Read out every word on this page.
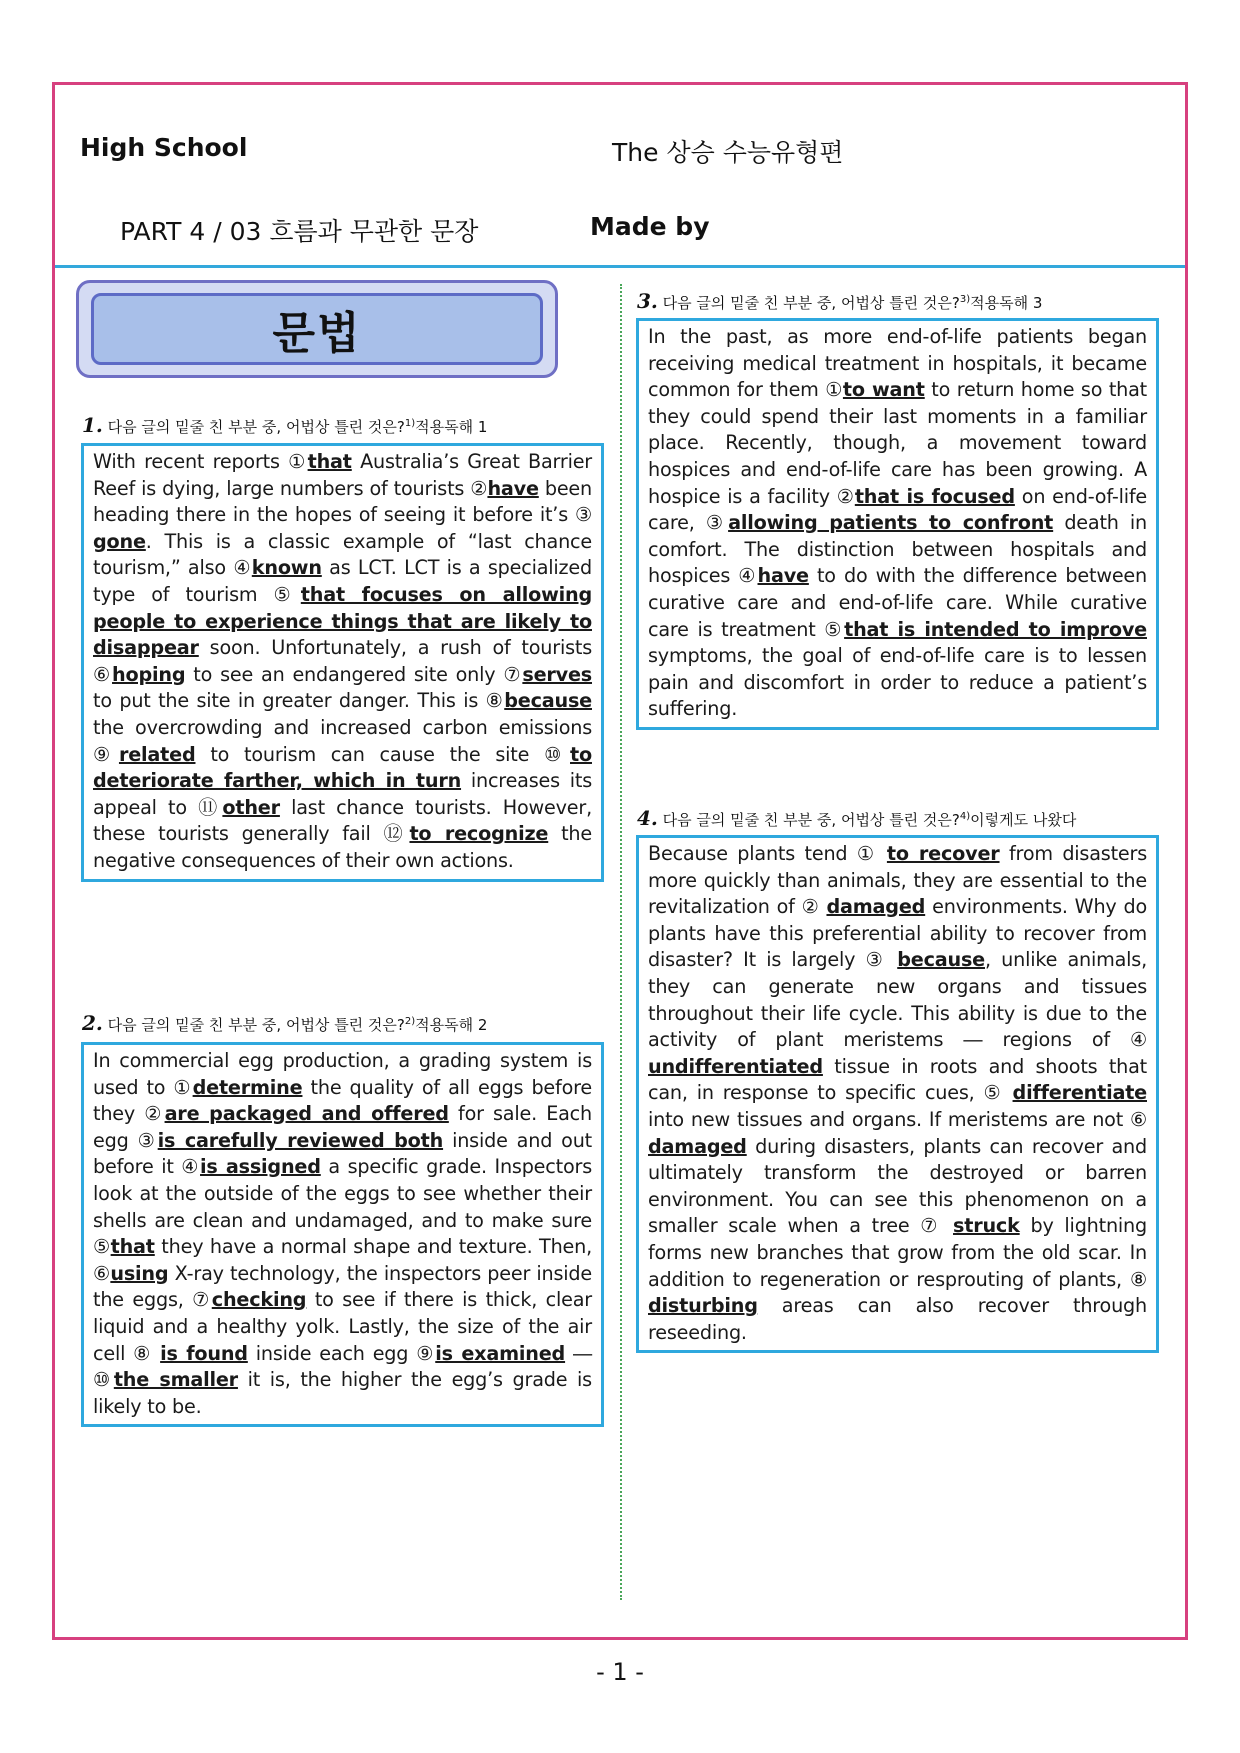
High School	The 상승 수능유형편
PART 4 / 03 흐름과 무관한 문장	Made by
문법
1. 다음 글의 밑줄 친 부분 중, 어법상 틀린 것은?$^{1)}$적용독해 1
With recent reports ①that Australia’s Great Barrier Reef is dying, large numbers of tourists ②have been heading there in the hopes of seeing it before it’s ③ gone. This is a classic example of “last chance tourism,” also ④known as LCT. LCT is a specialized type of tourism ⑤that focuses on allowing people to experience things that are likely to disappear soon. Unfortunately, a rush of tourists ⑥hoping to see an endangered site only ⑦serves to put the site in greater danger. This is ⑧because the overcrowding and increased carbon emissions ⑨related to tourism can cause the site ⑩to deteriorate farther, which in turn increases its appeal to ⑪other last chance tourists. However, these tourists generally fail ⑫to recognize the negative consequences of their own actions.
2. 다음 글의 밑줄 친 부분 중, 어법상 틀린 것은?$^{2)}$적용독해 2
In commercial egg production, a grading system is used to ①determine the quality of all eggs before they ②are packaged and offered for sale. Each egg ③is carefully reviewed both inside and out before it ④is assigned a specific grade. Inspectors look at the outside of the eggs to see whether their shells are clean and undamaged, and to make sure ⑤that they have a normal shape and texture. Then, ⑥using X-ray technology, the inspectors peer inside the eggs, ⑦checking to see if there is thick, clear liquid and a healthy yolk. Lastly, the size of the air cell ⑧ is found inside each egg ⑨is examined ― ⑩the smaller it is, the higher the egg’s grade is likely to be.
3. 다음 글의 밑줄 친 부분 중, 어법상 틀린 것은?$^{3)}$적용독해 3
In the past, as more end-of-life patients began receiving medical treatment in hospitals, it became common for them ①to want to return home so that they could spend their last moments in a familiar place. Recently, though, a movement toward hospices and end-of-life care has been growing. A hospice is a facility ②that is focused on end-of-life care, ③allowing patients to confront death in comfort. The distinction between hospitals and hospices ④have to do with the difference between curative care and end-of-life care. While curative care is treatment ⑤that is intended to improve symptoms, the goal of end-of-life care is to lessen pain and discomfort in order to reduce a patient’s suffering.
4. 다음 글의 밑줄 친 부분 중, 어법상 틀린 것은?$^{4)}$이렇게도 나왔다
Because plants tend ① to recover from disasters more quickly than animals, they are essential to the revitalization of ② damaged environments. Why do plants have this preferential ability to recover from disaster? It is largely ③ because, unlike animals, they can generate new organs and tissues throughout their life cycle. This ability is due to the activity of plant meristems ― regions of ④ undifferentiated tissue in roots and shoots that can, in response to specific cues, ⑤ differentiate into new tissues and organs. If meristems are not ⑥ damaged during disasters, plants can recover and ultimately transform the destroyed or barren environment. You can see this phenomenon on a smaller scale when a tree ⑦ struck by lightning forms new branches that grow from the old scar. In addition to regeneration or resprouting of plants, ⑧ disturbing areas can also recover through reseeding.
- 1 -
